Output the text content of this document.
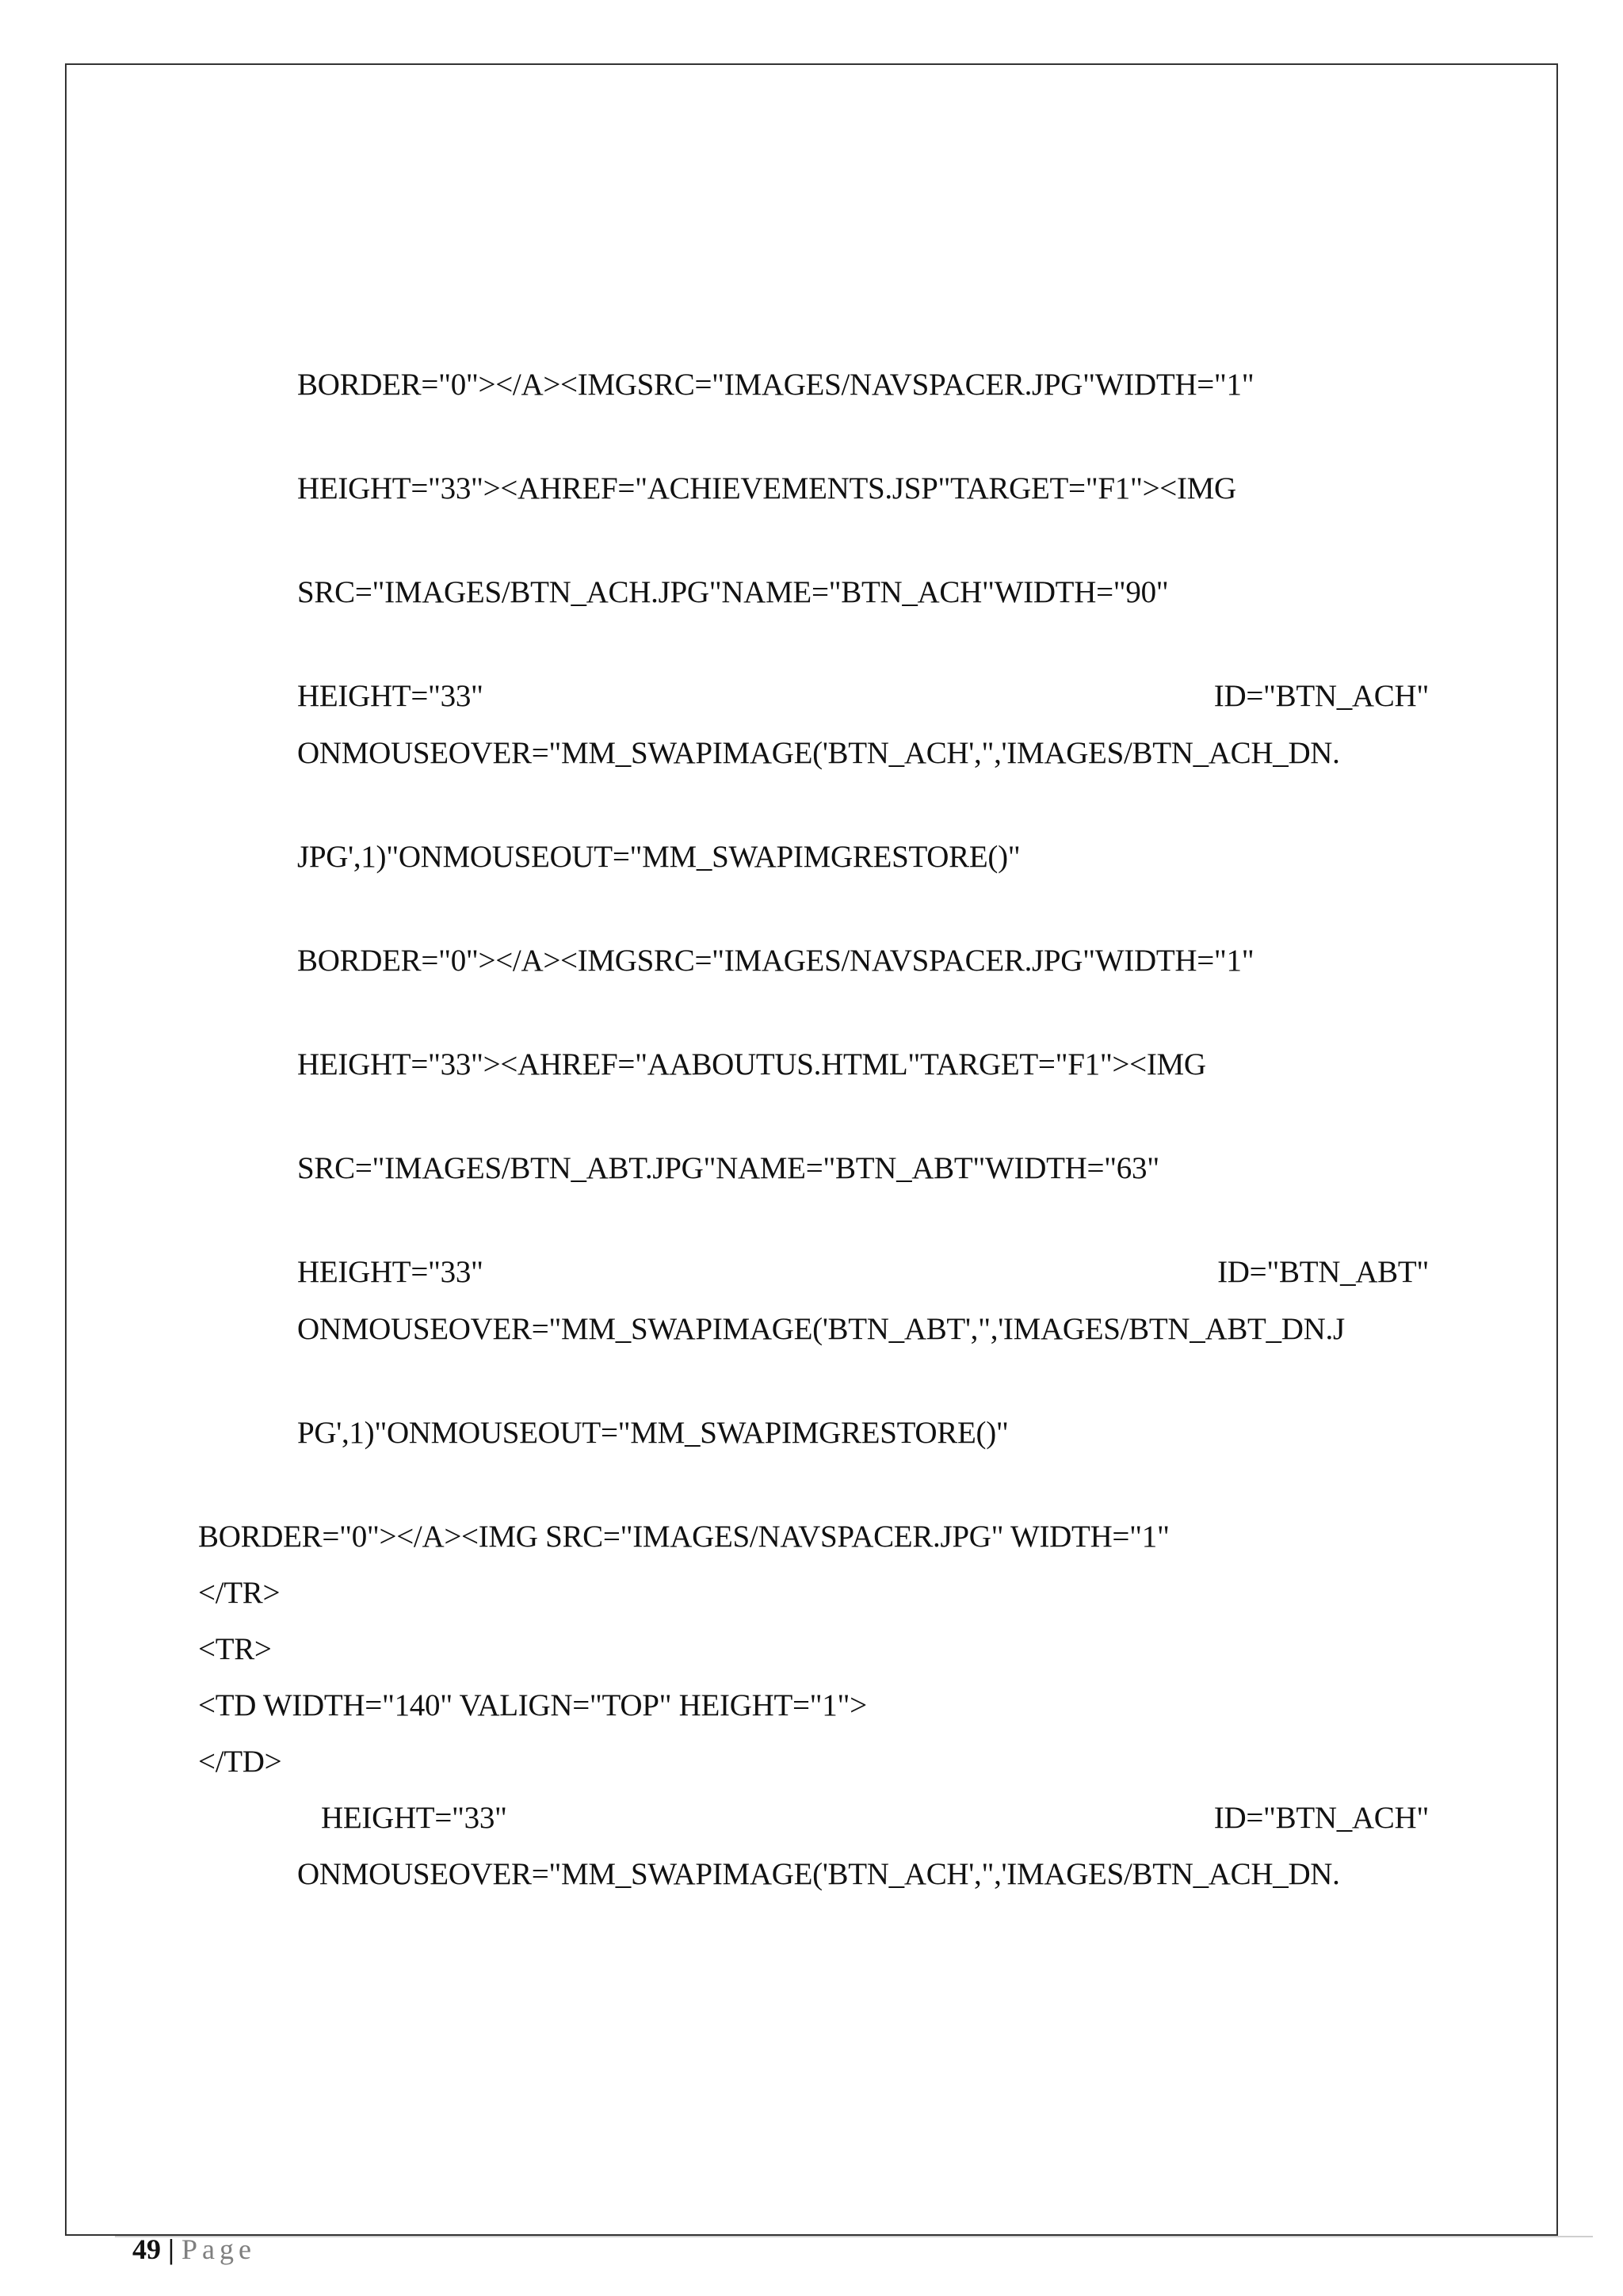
BORDER="0"></A><IMGSRC="IMAGES/NAVSPACER.JPG"WIDTH="1"
HEIGHT="33"><AHREF="ACHIEVEMENTS.JSP"TARGET="F1"><IMG
SRC="IMAGES/BTN_ACH.JPG"NAME="BTN_ACH"WIDTH="90"
HEIGHT="33"	ID="BTN_ACH"
ONMOUSEOVER="MM_SWAPIMAGE('BTN_ACH',",'IMAGES/BTN_ACH_DN.
JPG',1)"ONMOUSEOUT="MM_SWAPIMGRESTORE()"
BORDER="0"></A><IMGSRC="IMAGES/NAVSPACER.JPG"WIDTH="1"
HEIGHT="33"><AHREF="AABOUTUS.HTML"TARGET="F1"><IMG
SRC="IMAGES/BTN_ABT.JPG"NAME="BTN_ABT"WIDTH="63"
HEIGHT="33"	ID="BTN_ABT"
ONMOUSEOVER="MM_SWAPIMAGE('BTN_ABT',",'IMAGES/BTN_ABT_DN.J
PG',1)"ONMOUSEOUT="MM_SWAPIMGRESTORE()"
BORDER="0"></A><IMG SRC="IMAGES/NAVSPACER.JPG" WIDTH="1"
</TR>
<TR>
<TD WIDTH="140" VALIGN="TOP" HEIGHT="1">
</TD>
HEIGHT="33"	ID="BTN_ACH"
ONMOUSEOVER="MM_SWAPIMAGE('BTN_ACH',",'IMAGES/BTN_ACH_DN.
49 | Page
